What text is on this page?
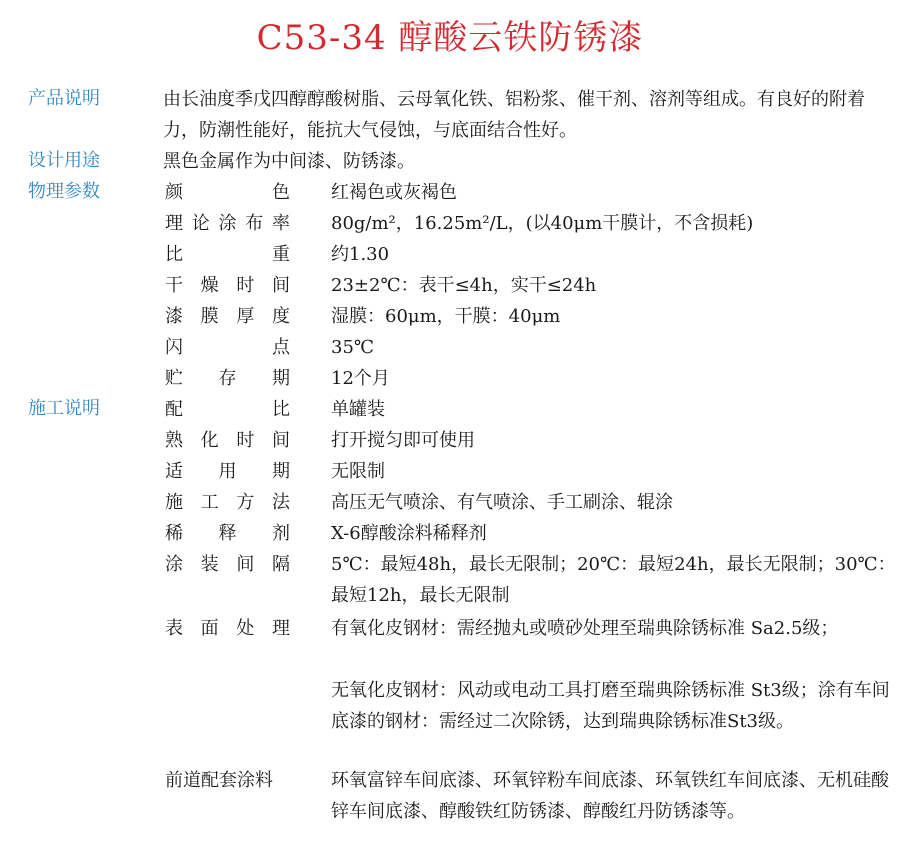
C53-34 醇酸云铁防锈漆
产品说明	由长油度季戊四醇醇酸树脂、云母氧化铁、铝粉浆、催干剂、溶剂等组成。有良好的附着力，防潮性能好，能抗大气侵蚀，与底面结合性好。
设计用途	黑色金属作为中间漆、防锈漆。
物理参数	颜色 红褐色或灰褐色
理论涂布率 80g/m²，16.25m²/L，(以40μm干膜计，不含损耗)
比重 约1.30
干燥时间 23±2℃：表干≤4h，实干≤24h
漆膜厚度 湿膜：60μm，干膜：40μm
闪点 35℃
贮存期 12个月
施工说明	配比 单罐装
熟化时间 打开搅匀即可使用
适用期 无限制
施工方法 高压无气喷涂、有气喷涂、手工刷涂、辊涂
稀释剂 X-6醇酸涂料稀释剂
涂装间隔 5℃：最短48h，最长无限制；20℃：最短24h，最长无限制；30℃：最短12h，最长无限制
表面处理 有氧化皮钢材：需经抛丸或喷砂处理至瑞典除锈标准 Sa2.5级；
无氧化皮钢材：风动或电动工具打磨至瑞典除锈标准 St3级；涂有车间底漆的钢材：需经过二次除锈，达到瑞典除锈标准St3级。
前道配套涂料	环氧富锌车间底漆、环氧锌粉车间底漆、环氧铁红车间底漆、无机硅酸锌车间底漆、醇酸铁红防锈漆、醇酸红丹防锈漆等。
